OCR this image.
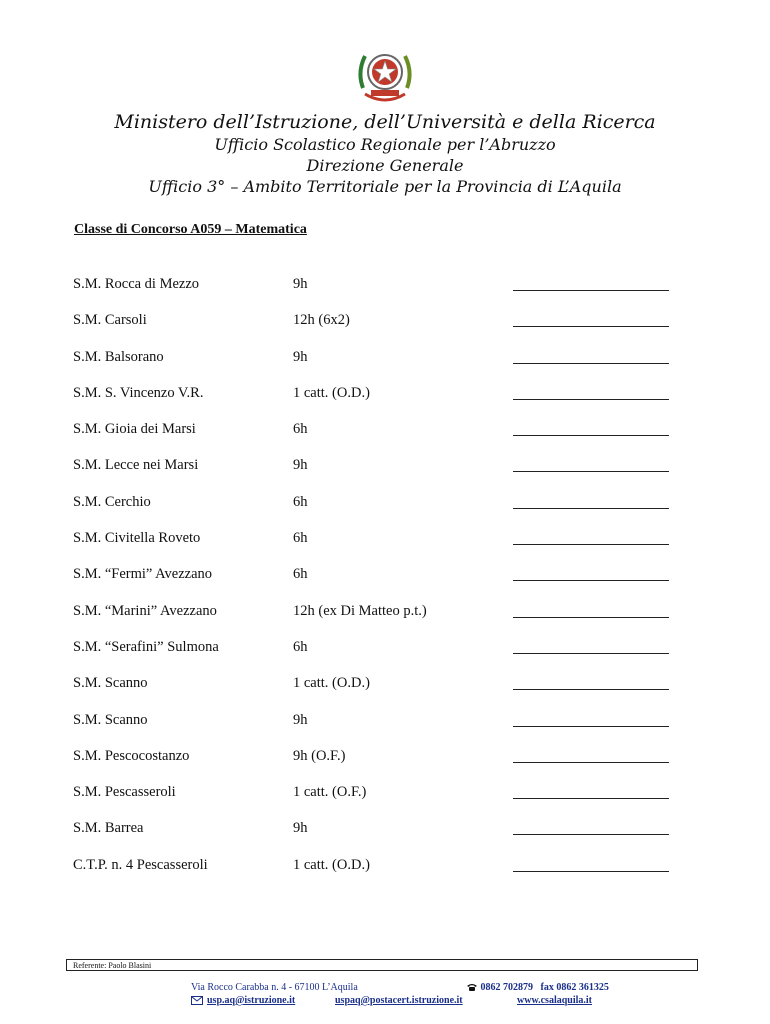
Ministero dell’Istruzione, dell’Università e della Ricerca
Ufficio Scolastico Regionale per l’Abruzzo
Direzione Generale
Ufficio 3° – Ambito Territoriale per la Provincia di L’Aquila
Classe di Concorso A059 – Matematica
S.M. Rocca di Mezzo	9h
S.M. Carsoli	12h (6x2)
S.M. Balsorano	9h
S.M. S. Vincenzo V.R.	1 catt. (O.D.)
S.M. Gioia dei Marsi	6h
S.M. Lecce nei Marsi	9h
S.M. Cerchio	6h
S.M. Civitella Roveto	6h
S.M. “Fermi” Avezzano	6h
S.M. “Marini” Avezzano	12h (ex Di Matteo p.t.)
S.M. “Serafini” Sulmona	6h
S.M. Scanno	1 catt. (O.D.)
S.M. Scanno	9h
S.M. Pescocostanzo	9h (O.F.)
S.M. Pescasseroli	1 catt. (O.F.)
S.M. Barrea	9h
C.T.P. n. 4 Pescasseroli	1 catt. (O.D.)
Referente: Paolo Blasini
Via Rocco Carabba n. 4 - 67100 L’Aquila	0862 702879 fax 0862 361325
usp.aq@istruzione.it	uspaq@postacert.istruzione.it	www.csalaquila.it
